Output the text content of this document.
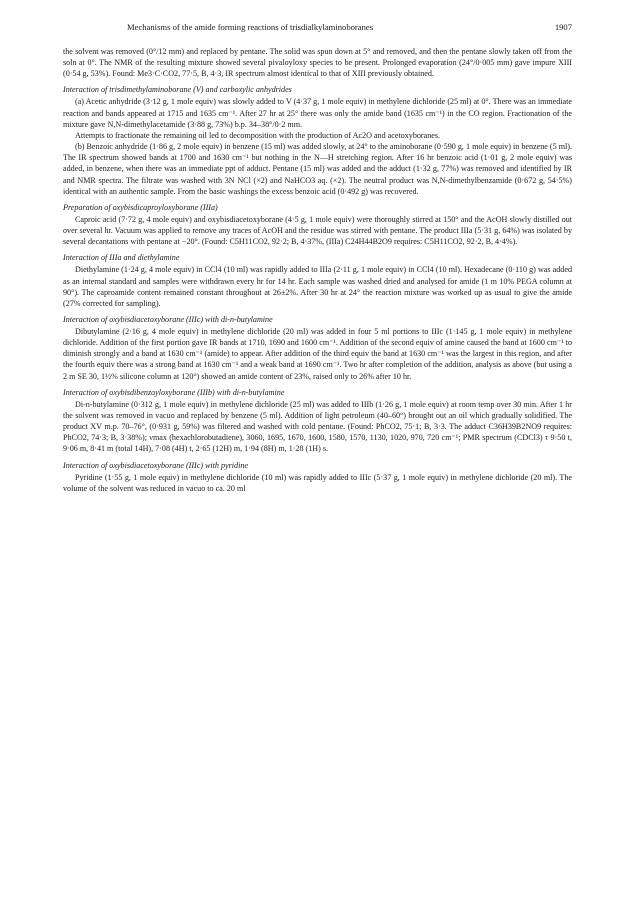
Mechanisms of the amide forming reactions of trisdialkylaminoboranes	1907

the solvent was removed (0°/12 mm) and replaced by pentane. The solid was spun down at 5° and removed, and then the pentane slowly taken off from the soln at 0°. The NMR of the resulting mixture showed several pivaloyloxy species to be present. Prolonged evaporation (24°/0·005 mm) gave impure XIII (0·54 g, 53%). Found: Me3·C·CO2, 77·5, B, 4·3, IR spectrum almost identical to that of XIII previously obtained.

Interaction of trisdimethylaminoborane (V) and carboxylic anhydrides

(a) Acetic anhydride (3·12 g, 1 mole equiv) was slowly added to V (4·37 g, 1 mole equiv) in methylene dichloride (25 ml) at 0°. There was an immediate reaction and bands appeared at 1715 and 1635 cm⁻¹. After 27 hr at 25° there was only the amide band (1635 cm⁻¹) in the CO region. Fractionation of the mixture gave N,N-dimethylacetamide (3·88 g, 73%) b.p. 34–38°/0·2 mm.

Attempts to fractionate the remaining oil led to decomposition with the production of Ac2O and acetoxyboranes.

(b) Benzoic anhydride (1·86 g, 2 mole equiv) in benzene (15 ml) was added slowly, at 24° to the aminoborane (0·590 g, 1 mole equiv) in benzene (5 ml). The IR spectrum showed bands at 1700 and 1630 cm⁻¹ but nothing in the N—H stretching region. After 16 hr benzoic acid (1·01 g, 2 mole equiv) was added, in benzene, when there was an immediate ppt of adduct. Pentane (15 ml) was added and the adduct (1·32 g, 77%) was removed and identified by IR and NMR spectra. The filtrate was washed with 3N NCl (×2) and NaHCO3 aq. (×2). The neutral product was N,N-dimethylbenzamide (0·672 g, 54·5%) identical with an authentic sample. From the basic washings the excess benzoic acid (0·492 g) was recovered.

Preparation of oxybisdicaproyloxyborane (IIIa)

Caproic acid (7·72 g, 4 mole equiv) and oxybisdiacetoxyborane (4·5 g, 1 mole equiv) were thoroughly stirred at 150° and the AcOH slowly distilled out over several hr. Vacuum was applied to remove any traces of AcOH and the residue was stirred with pentane. The product IIIa (5·31 g, 64%) was isolated by several decantations with pentane at −20°. (Found: C5H11CO2, 92·2; B, 4·37%, (IIIa) C24H44B2O9 requires: C5H11CO2, 92·2, B, 4·4%).

Interaction of IIIa and diethylamine

Diethylamine (1·24 g, 4 mole equiv) in CCl4 (10 ml) was rapidly added to IIIa (2·11 g, 1 mole equiv) in CCl4 (10 ml). Hexadecane (0·110 g) was added as an internal standard and samples were withdrawn every hr for 14 hr. Each sample was washed dried and analysed for amide (1 m 10% PEGA column at 90°). The caproamide content remained constant throughout at 26±2%. After 30 hr at 24° the reaction mixture was worked up as usual to give the amide (27% corrected for sampling).

Interaction of oxybisdiacetoxyborane (IIIc) with di-n-butylamine

Dibutylamine (2·16 g, 4 mole equiv) in methylene dichloride (20 ml) was added in four 5 ml portions to IIIc (1·145 g, 1 mole equiv) in methylene dichloride. Addition of the first portion gave IR bands at 1710, 1690 and 1600 cm⁻¹. Addition of the second equiv of amine caused the band at 1600 cm⁻¹ to diminish strongly and a band at 1630 cm⁻¹ (amide) to appear. After addition of the third equiv the band at 1630 cm⁻¹ was the largest in this region, and after the fourth equiv there was a strong band at 1630 cm⁻¹ and a weak band at 1690 cm⁻¹. Two hr after completion of the addition, analysis as above (but using a 2 m SE 30, 1½% silicone column at 120°) showed an amide content of 23%, raised only to 26% after 10 hr.

Interaction of oxybisdibenzoyloxyborane (IIIb) with di-n-butylamine

Di-n-butylamine (0·312 g, 1 mole equiv) in methylene dichloride (25 ml) was added to IIIb (1·26 g, 1 mole equiv) at room temp over 30 min. After 1 hr the solvent was removed in vacuo and replaced by benzene (5 ml). Addition of light petroleum (40–60°) brought out an oil which gradually solidified. The product XV m.p. 70–76°, (0·931 g, 59%) was filtered and washed with cold pentane. (Found: PhCO2, 75·1; B, 3·3. The adduct C36H39B2NO9 requires: PhCO2, 74·3; B, 3·38%); νmax (hexachlorobutadiene), 3060, 1695, 1670, 1600, 1580, 1570, 1130, 1020, 970, 720 cm⁻¹; PMR spectrum (CDCl3) τ 9·50 t, 9·06 m, 8·41 m (total 14H), 7·08 (4H) t, 2·65 (12H) m, 1·94 (8H) m, 1·28 (1H) s.

Interaction of oxybisdiacetoxyborane (IIIc) with pyridine

Pyridine (1·55 g, 1 mole equiv) in methylene dichloride (10 ml) was rapidly added to IIIc (5·37 g, 1 mole equiv) in methylene dichloride (20 ml). The volume of the solvent was reduced in vacuo to ca. 20 ml
